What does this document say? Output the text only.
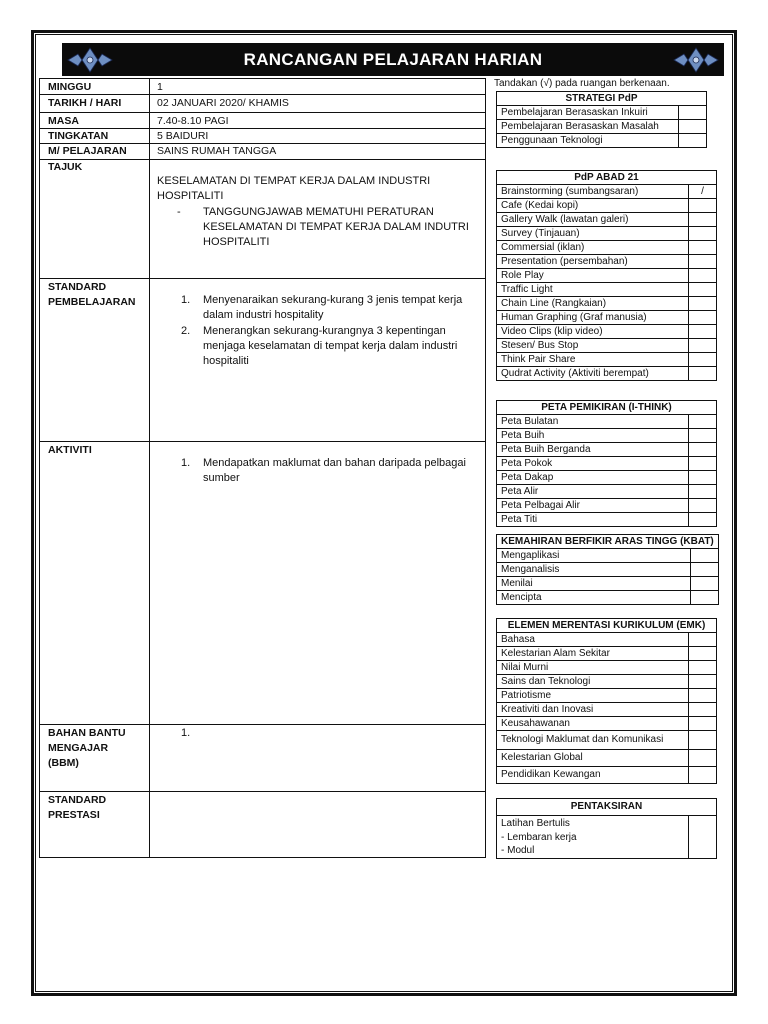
RANCANGAN PELAJARAN HARIAN
MINGGU	1
TARIKH / HARI	02 JANUARI 2020/ KHAMIS
MASA	7.40-8.10 PAGI
TINGKATAN	5 BAIDURI
M/ PELAJARAN	SAINS RUMAH TANGGA
TAJUK
KESELAMATAN DI TEMPAT KERJA DALAM INDUSTRI HOSPITALITI
-	TANGGUNGJAWAB MEMATUHI PERATURAN KESELAMATAN DI TEMPAT KERJA DALAM INDUTRI HOSPITALITI
STANDARD PEMBELAJARAN	1.	Menyenaraikan sekurang-kurang 3 jenis tempat kerja dalam industri hospitality
2.	Menerangkan sekurang-kurangnya 3 kepentingan menjaga keselamatan di tempat kerja dalam industri hospitaliti
AKTIVITI
1.	Mendapatkan maklumat dan bahan daripada pelbagai sumber
BAHAN BANTU MENGAJAR (BBM)
1.
STANDARD PRESTASI
Tandakan (√) pada ruangan berkenaan.
STRATEGI PdP	
Pembelajaran Berasaskan Inkuiri	
Pembelajaran Berasaskan Masalah	
Penggunaan Teknologi	
PdP ABAD 21	
Brainstorming (sumbangsaran)	/
Cafe (Kedai kopi)	
Gallery Walk (lawatan galeri)	
Survey (Tinjauan)	
Commersial (iklan)	
Presentation (persembahan)	
Role Play	
Traffic Light	
Chain Line (Rangkaian)	
Human Graphing (Graf manusia)	
Video Clips (klip video)	
Stesen/ Bus Stop	
Think Pair Share	
Qudrat Activity (Aktiviti berempat)	
PETA PEMIKIRAN (I-THINK)	
Peta Bulatan	
Peta Buih	
Peta Buih Berganda	
Peta Pokok	
Peta Dakap	
Peta Alir	
Peta Pelbagai Alir	
Peta Titi	
KEMAHIRAN BERFIKIR ARAS TINGG (KBAT)	
Mengaplikasi	
Menganalisis	
Menilai	
Mencipta	
ELEMEN MERENTASI KURIKULUM (EMK)	
Bahasa	
Kelestarian Alam Sekitar	
Nilai Murni	
Sains dan Teknologi	
Patriotisme	
Kreativiti dan Inovasi	
Keusahawanan	
Teknologi Maklumat dan Komunikasi	
Kelestarian Global	
Pendidikan Kewangan	
PENTAKSIRAN

Latihan Bertulis
- Lembaran kerja
- Modul
